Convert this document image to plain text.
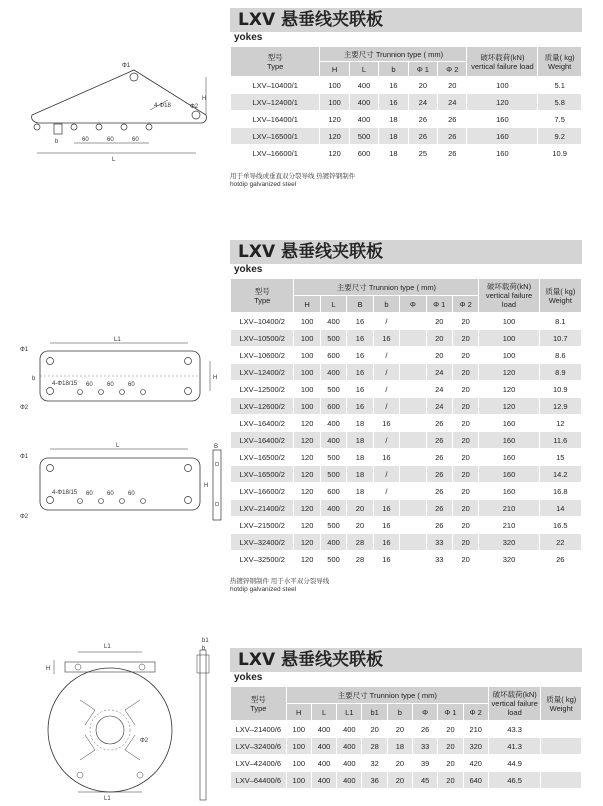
LXV 悬垂线夹联板
yokes
Φ1
Φ2
H
b
L
60	60	60
4-Φ18
型号
Type	主要尺寸 Trunnion type ( mm)					破坏载荷(kN)
vertical failure load	质量( kg)
Weight
	H	L	b	Φ 1	Φ 2		
LXV–10400/1	100	400	16	20	20	100	5.1
LXV–12400/1	100	400	16	24	24	120	5.8
LXV–16400/1	120	400	18	26	26	160	7.5
LXV–16500/1	120	500	18	26	26	160	9.2
LXV–16600/1	120	600	18	25	26	160	10.9
用于单导线或垂直双分裂导线 热镀锌钢制件
hotdip galvanized steel
LXV 悬垂线夹联板
yokes
Φ1
Φ2
b
L1
H
4-Φ18/15 60 60 60
Φ1
Φ2
L
H
B
4-Φ18/15 60 60 60
型号
Type	主要尺寸 Trunnion type ( mm)							破坏载荷(kN)
vertical failure load	质量( kg)
Weight
	H	L	B	b	Φ	Φ 1	Φ 2		
LXV–10400/2	100	400	16	/		20	20	100	8.1
LXV–10500/2	100	500	16	16		20	20	100	10.7
LXV–10600/2	100	600	16	/		20	20	100	8.6
LXV–12400/2	100	400	16	/		24	20	120	8.9
LXV–12500/2	100	500	16	/		24	20	120	10.9
LXV–12600/2	100	600	16	/		24	20	120	12.9
LXV–16400/2	120	400	18	16		26	20	160	12
LXV–16400/2	120	400	18	/		26	20	160	11.6
LXV–16500/2	120	500	18	16		26	20	160	15
LXV–16500/2	120	500	18	/		26	20	160	14.2
LXV–16600/2	120	600	18	/		26	20	160	16.8
LXV–21400/2	120	400	20	16		26	20	210	14
LXV–21500/2	120	500	20	16		26	20	210	16.5
LXV–32400/2	120	400	28	16		33	20	320	22
LXV–32500/2	120	500	28	16		33	20	320	26
热镀锌钢制件 用于水平双分裂导线
hotdip galvanized steel
LXV 悬垂线夹联板
yokes
L1
L1
H
Φ2
b1
b
型号
Type	主要尺寸 Trunnion type ( mm)								破坏载荷(kN)
vertical failure load	质量( kg)
Weight
	H	L	L1	b1	b	Φ	Φ 1	Φ 2		
LXV–21400/6	100	400	400	20	20	26	20	210	43.3	
LXV–32400/6	100	400	400	28	18	33	20	320	41.3	
LXV–42400/6	100	400	400	32	20	39	20	420	44.9	
LXV–64400/6	100	400	400	36	20	45	20	640	46.5	
